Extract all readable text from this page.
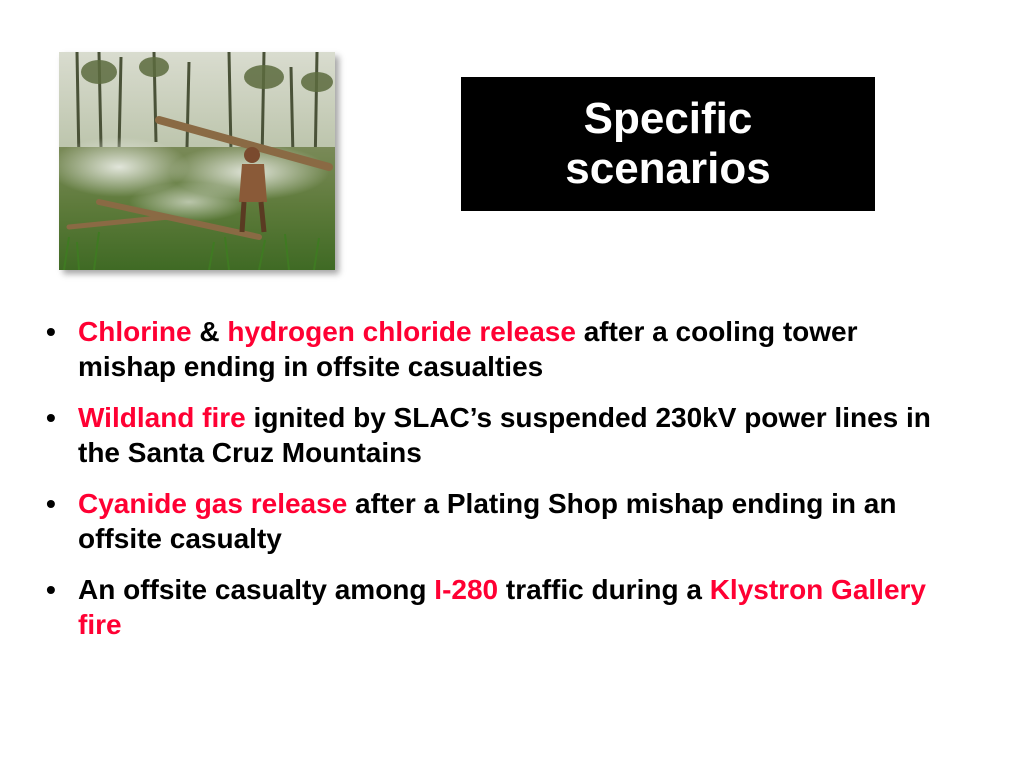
Specific
scenarios
• Chlorine & hydrogen chloride release after a cooling tower mishap ending in offsite casualties
• Wildland fire ignited by SLAC’s suspended 230kV power lines in the Santa Cruz Mountains
• Cyanide gas release after a Plating Shop mishap ending in an offsite casualty
• An offsite casualty among I-280 traffic during a Klystron Gallery fire
